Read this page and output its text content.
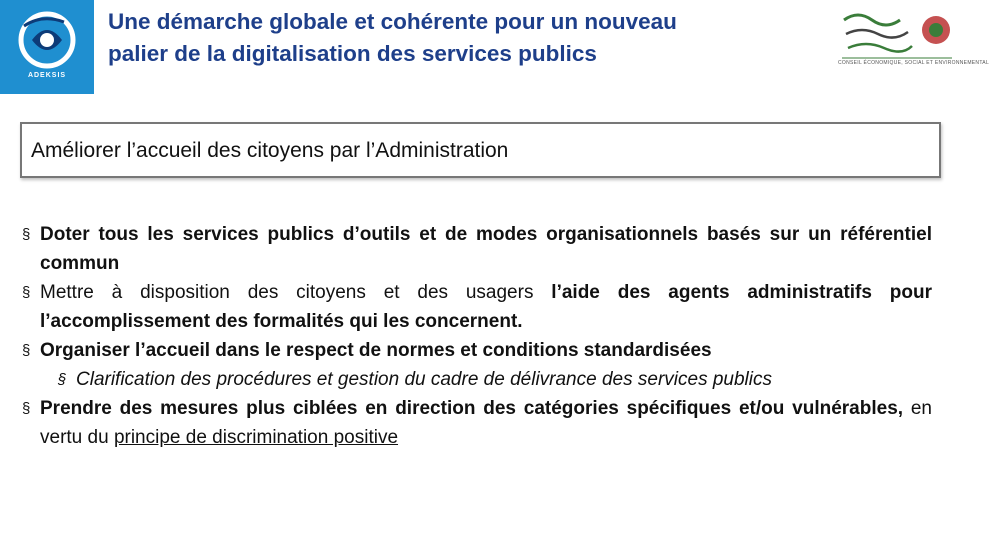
ADEKSIS
Une démarche globale et cohérente pour un nouveau
palier de la digitalisation des services publics	CONSEIL ÉCONOMIQUE, SOCIAL ET ENVIRONNEMENTAL
Améliorer l’accueil des citoyens par l’Administration
§ Doter tous les services publics d’outils et de modes organisationnels basés sur un référentiel commun
§ Mettre à disposition des citoyens et des usagers l’aide des agents administratifs pour l’accomplissement des formalités qui les concernent.
§ Organiser l’accueil dans le respect de normes et conditions standardisées
§ Clarification des procédures et gestion du cadre de délivrance des services publics
§ Prendre des mesures plus ciblées en direction des catégories spécifiques et/ou vulnérables, en vertu du principe de discrimination positive
